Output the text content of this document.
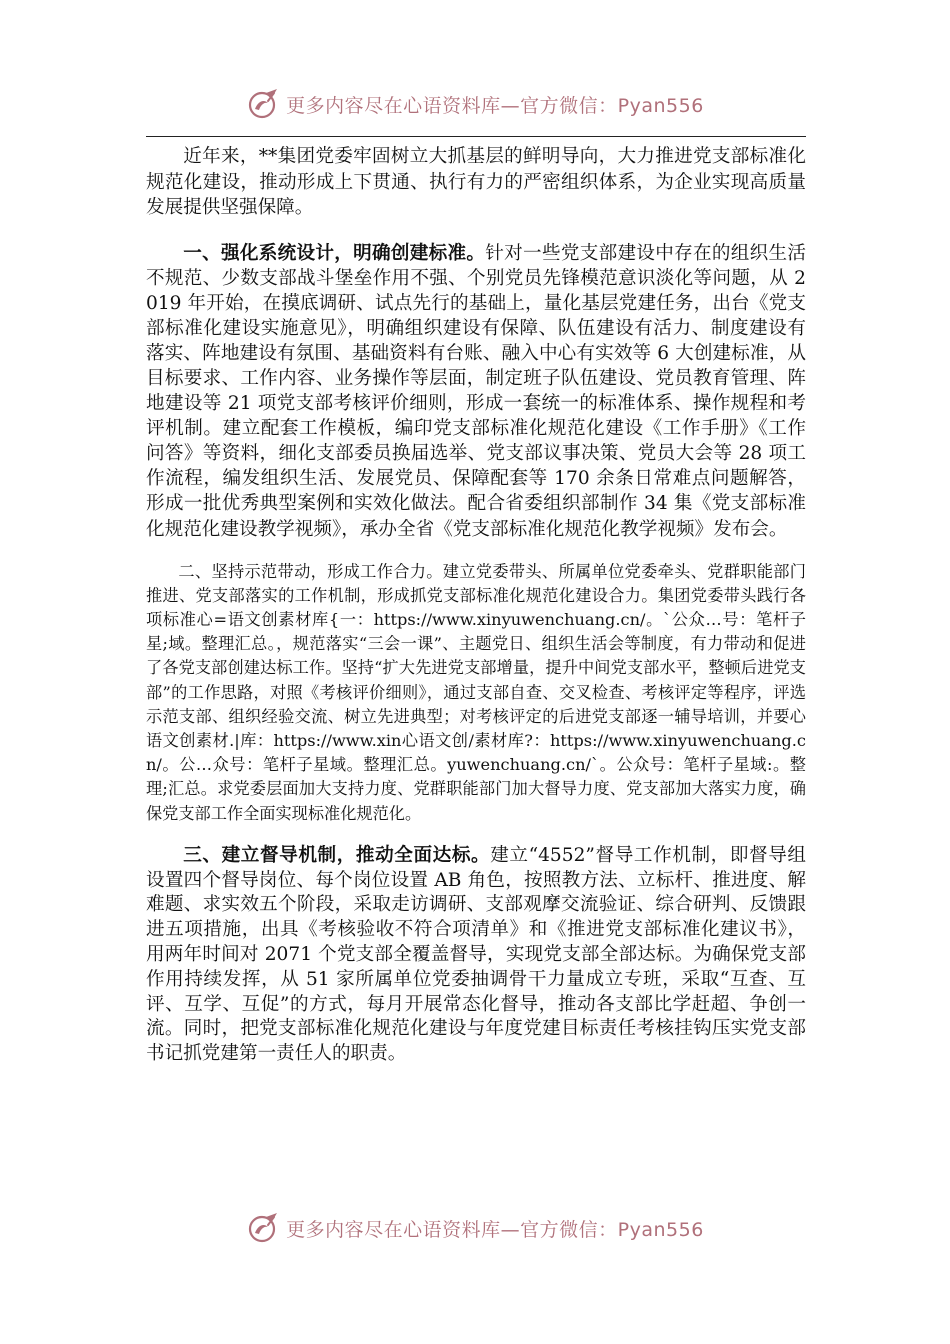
更多内容尽在心语资料库—官方微信：Pyan556

近年来，**集团党委牢固树立大抓基层的鲜明导向，大力推进党支部标准化规范化建设，推动形成上下贯通、执行有力的严密组织体系，为企业实现高质量发展提供坚强保障。

一、强化系统设计，明确创建标准。针对一些党支部建设中存在的组织生活不规范、少数支部战斗堡垒作用不强、个别党员先锋模范意识淡化等问题，从 2019 年开始，在摸底调研、试点先行的基础上，量化基层党建任务，出台《党支部标准化建设实施意见》，明确组织建设有保障、队伍建设有活力、制度建设有落实、阵地建设有氛围、基础资料有台账、融入中心有实效等 6 大创建标准，从目标要求、工作内容、业务操作等层面，制定班子队伍建设、党员教育管理、阵地建设等 21 项党支部考核评价细则，形成一套统一的标准体系、操作规程和考评机制。建立配套工作模板，编印党支部标准化规范化建设《工作手册》《工作问答》等资料，细化支部委员换届选举、党支部议事决策、党员大会等 28 项工作流程，编发组织生活、发展党员、保障配套等 170 余条日常难点问题解答，形成一批优秀典型案例和实效化做法。配合省委组织部制作 34 集《党支部标准化规范化建设教学视频》，承办全省《党支部标准化规范化教学视频》发布会。

二、坚持示范带动，形成工作合力。建立党委带头、所属单位党委牵头、党群职能部门推进、党支部落实的工作机制，形成抓党支部标准化规范化建设合力。集团党委带头践行各项标准心=语文创素材库{一：https://www.xinyuwenchuang.cn/。`公众…号：笔杆子星;域。整理汇总。，规范落实“三会一课”、主题党日、组织生活会等制度，有力带动和促进了各党支部创建达标工作。坚持“扩大先进党支部增量，提升中间党支部水平，整顿后进党支部”的工作思路，对照《考核评价细则》，通过支部自查、交叉检查、考核评定等程序，评选示范支部、组织经验交流、树立先进典型；对考核评定的后进党支部逐一辅导培训，并要心语文创素材.|库：https://www.xin心语文创/素材库?：https://www.xinyuwenchuang.cn/。公…众号：笔杆子星域。整理汇总。yuwenchuang.cn/`。公众号：笔杆子星域:。整理;汇总。求党委层面加大支持力度、党群职能部门加大督导力度、党支部加大落实力度，确保党支部工作全面实现标准化规范化。

三、建立督导机制，推动全面达标。建立“4552”督导工作机制，即督导组设置四个督导岗位、每个岗位设置 AB 角色，按照教方法、立标杆、推进度、解难题、求实效五个阶段，采取走访调研、支部观摩交流验证、综合研判、反馈跟进五项措施，出具《考核验收不符合项清单》和《推进党支部标准化建议书》，用两年时间对 2071 个党支部全覆盖督导，实现党支部全部达标。为确保党支部作用持续发挥，从 51 家所属单位党委抽调骨干力量成立专班，采取“互查、互评、互学、互促”的方式，每月开展常态化督导，推动各支部比学赶超、争创一流。同时，把党支部标准化规范化建设与年度党建目标责任考核挂钩压实党支部书记抓党建第一责任人的职责。

更多内容尽在心语资料库—官方微信：Pyan556
